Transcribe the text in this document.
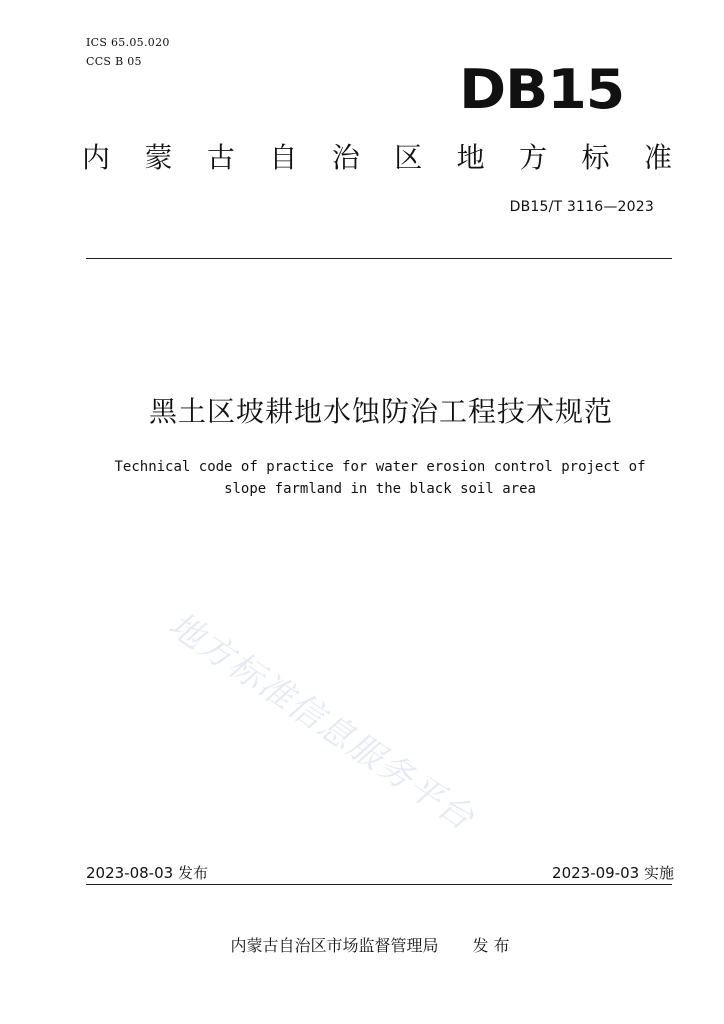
ICS 65.05.020
CCS B 05	DB15
内 蒙 古 自 治 区 地 方 标 准
DB15/T 3116—2023
黑土区坡耕地水蚀防治工程技术规范
Technical code of practice for water erosion control project of
slope farmland in the black soil area
地方标准信息服务平台
2023-08-03 发布	2023-09-03 实施
内蒙古自治区市场监督管理局 发 布
